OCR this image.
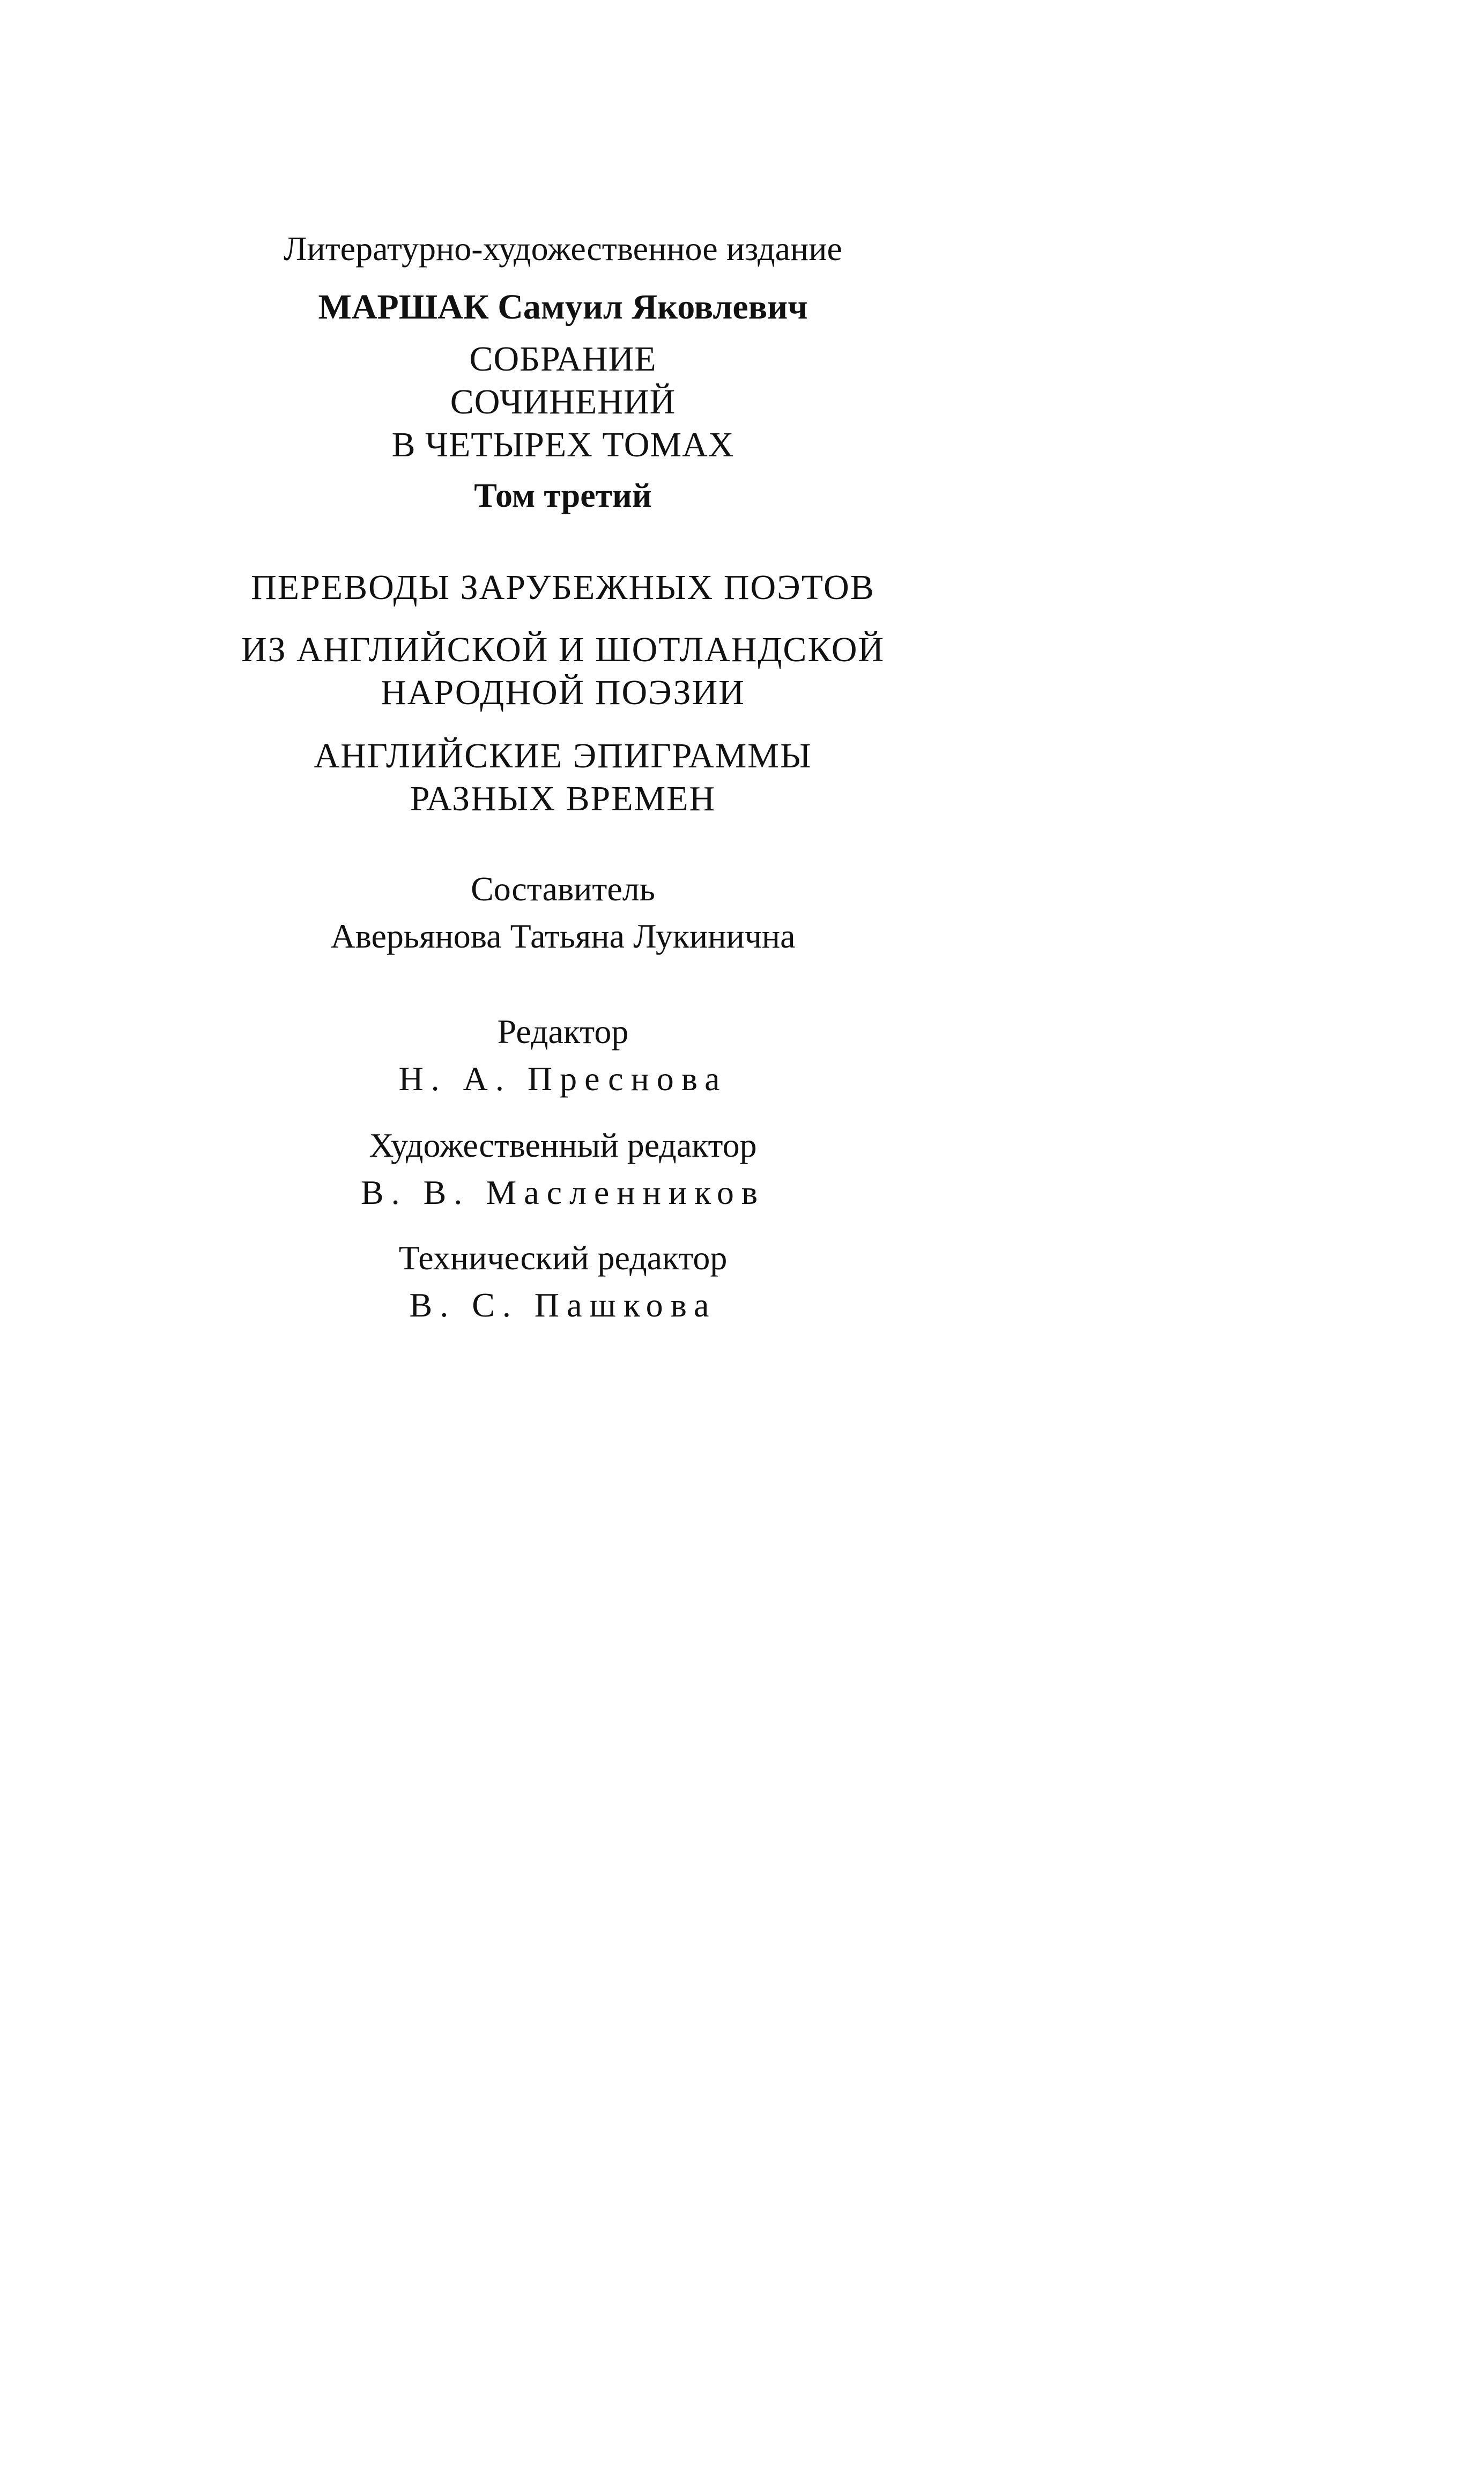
Литературно-художественное издание
МАРШАК Самуил Яковлевич
СОБРАНИЕ
СОЧИНЕНИЙ
В ЧЕТЫРЕХ ТОМАХ
Том третий
ПЕРЕВОДЫ ЗАРУБЕЖНЫХ ПОЭТОВ
ИЗ АНГЛИЙСКОЙ И ШОТЛАНДСКОЙ
НАРОДНОЙ ПОЭЗИИ
АНГЛИЙСКИЕ ЭПИГРАММЫ
РАЗНЫХ ВРЕМЕН
Составитель
Аверьянова Татьяна Лукинична
Редактор
Н. А. Преснова
Художественный редактор
В. В. Масленников
Технический редактор
В. С. Пашкова
